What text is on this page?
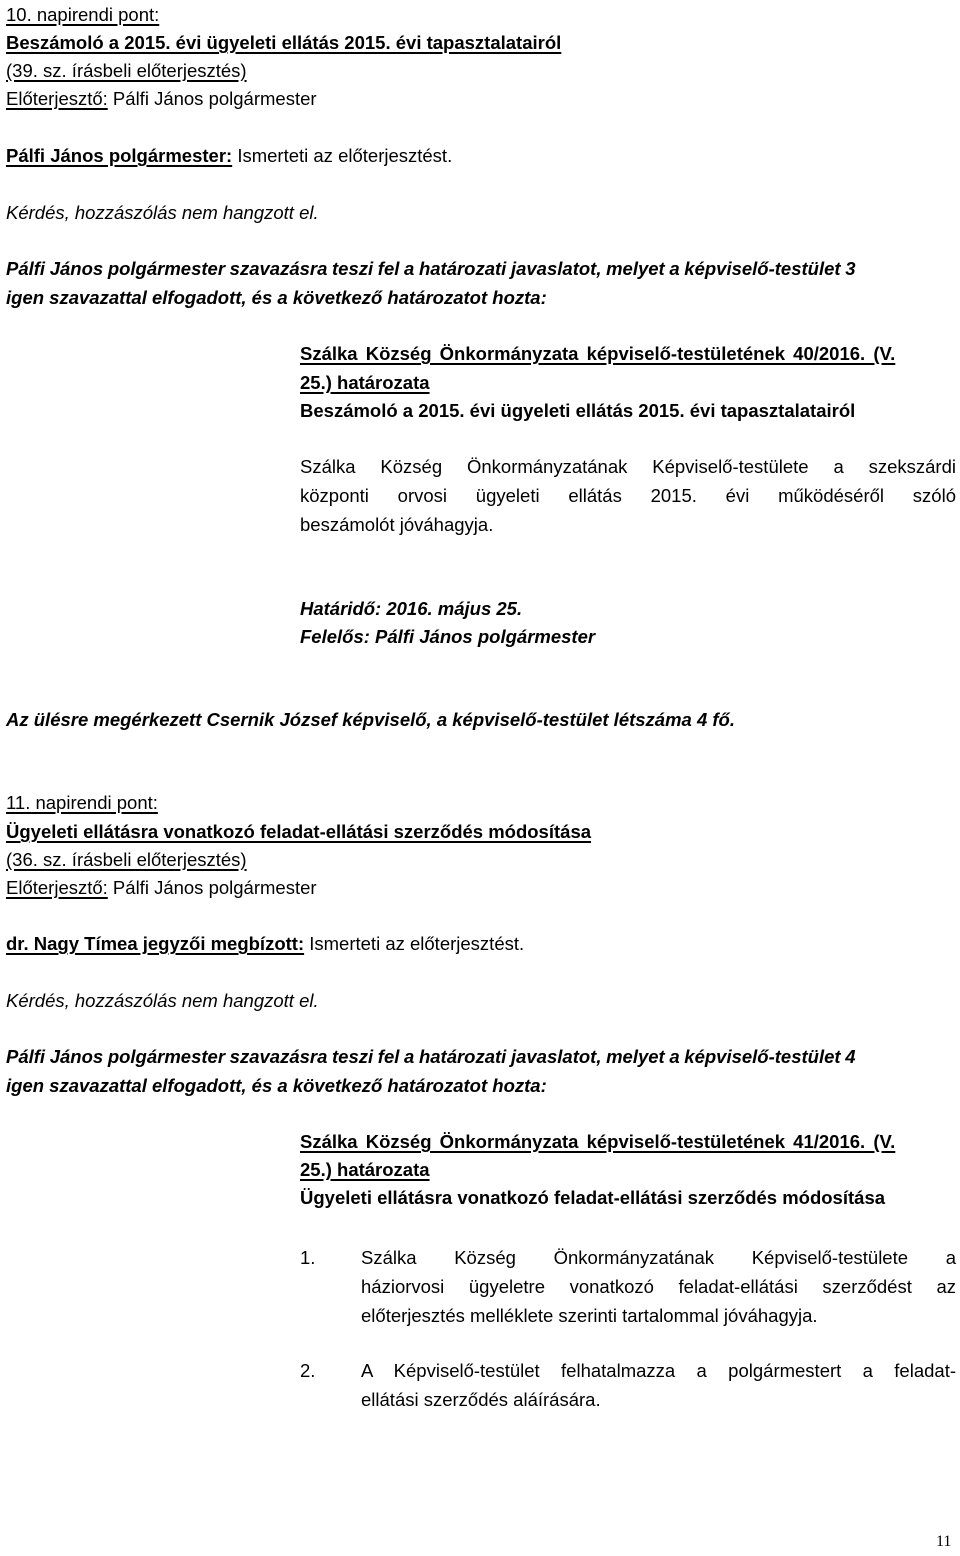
10. napirendi pont:
Beszámoló a 2015. évi ügyeleti ellátás 2015. évi tapasztalatairól
(39. sz. írásbeli előterjesztés)
Előterjesztő: Pálfi János polgármester
Pálfi János polgármester: Ismerteti az előterjesztést.
Kérdés, hozzászólás nem hangzott el.
Pálfi János polgármester szavazásra teszi fel a határozati javaslatot, melyet a képviselő-testület 3
igen szavazattal elfogadott, és a következő határozatot hozta:
Szálka Község Önkormányzata képviselő-testületének 40/2016. (V.
25.) határozata
Beszámoló a 2015. évi ügyeleti ellátás 2015. évi tapasztalatairól
Szálka Község Önkormányzatának Képviselő-testülete a szekszárdi
központi orvosi ügyeleti ellátás 2015. évi működéséről szóló
beszámolót jóváhagyja.
Határidő: 2016. május 25.
Felelős: Pálfi János polgármester
Az ülésre megérkezett Csernik József képviselő, a képviselő-testület létszáma 4 fő.
11. napirendi pont:
Ügyeleti ellátásra vonatkozó feladat-ellátási szerződés módosítása
(36. sz. írásbeli előterjesztés)
Előterjesztő: Pálfi János polgármester
dr. Nagy Tímea jegyzői megbízott: Ismerteti az előterjesztést.
Kérdés, hozzászólás nem hangzott el.
Pálfi János polgármester szavazásra teszi fel a határozati javaslatot, melyet a képviselő-testület 4
igen szavazattal elfogadott, és a következő határozatot hozta:
Szálka Község Önkormányzata képviselő-testületének 41/2016. (V.
25.) határozata
Ügyeleti ellátásra vonatkozó feladat-ellátási szerződés módosítása
1. Szálka Község Önkormányzatának Képviselő-testülete a
háziorvosi ügyeletre vonatkozó feladat-ellátási szerződést az
előterjesztés melléklete szerinti tartalommal jóváhagyja.
2. A Képviselő-testület felhatalmazza a polgármestert a feladat-
ellátási szerződés aláírására.
11
